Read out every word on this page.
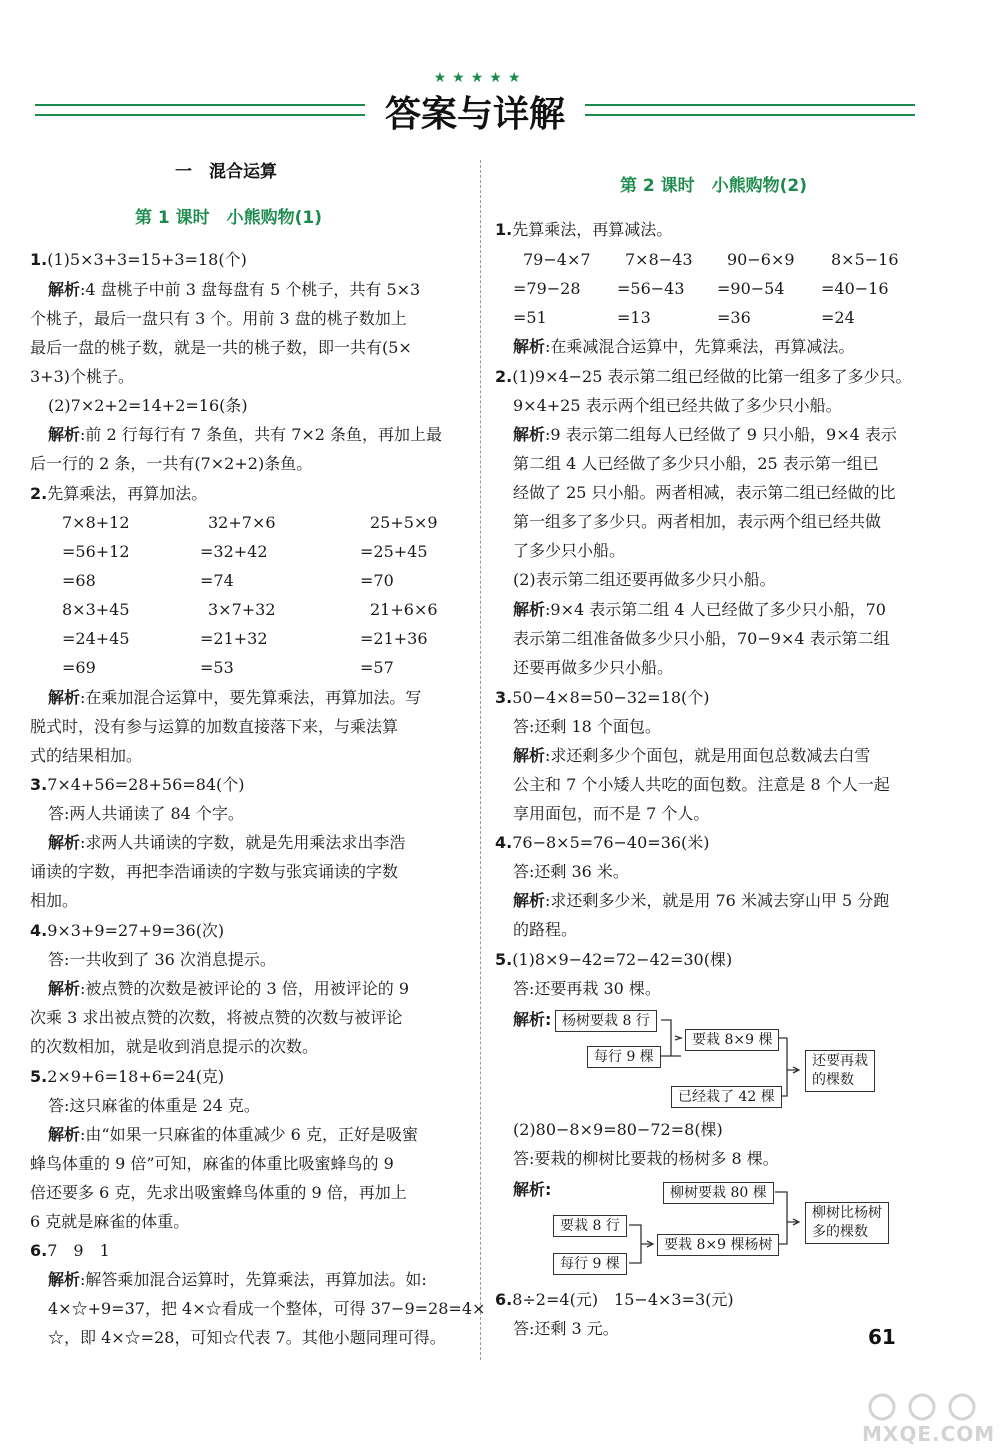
★★★★★
答案与详解
一　混合运算
第 1 课时　小熊购物(1)
1.(1)5×3+3=15+3=18(个)
解析:4 盘桃子中前 3 盘每盘有 5 个桃子，共有 5×3
个桃子，最后一盘只有 3 个。用前 3 盘的桃子数加上
最后一盘的桃子数，就是一共的桃子数，即一共有(5×
3+3)个桃子。
(2)7×2+2=14+2=16(条)
解析:前 2 行每行有 7 条鱼，共有 7×2 条鱼，再加上最
后一行的 2 条，一共有(7×2+2)条鱼。
2.先算乘法，再算加法。
7×8+12	32+7×6	25+5×9
=56+12	=32+42	=25+45
=68	=74	=70
8×3+45	3×7+32	21+6×6
=24+45	=21+32	=21+36
=69	=53	=57
解析:在乘加混合运算中，要先算乘法，再算加法。写
脱式时，没有参与运算的加数直接落下来，与乘法算
式的结果相加。
3.7×4+56=28+56=84(个)
答:两人共诵读了 84 个字。
解析:求两人共诵读的字数，就是先用乘法求出李浩
诵读的字数，再把李浩诵读的字数与张宾诵读的字数
相加。
4.9×3+9=27+9=36(次)
答:一共收到了 36 次消息提示。
解析:被点赞的次数是被评论的 3 倍，用被评论的 9
次乘 3 求出被点赞的次数，将被点赞的次数与被评论
的次数相加，就是收到消息提示的次数。
5.2×9+6=18+6=24(克)
答:这只麻雀的体重是 24 克。
解析:由“如果一只麻雀的体重减少 6 克，正好是吸蜜
蜂鸟体重的 9 倍”可知，麻雀的体重比吸蜜蜂鸟的 9
倍还要多 6 克，先求出吸蜜蜂鸟体重的 9 倍，再加上
6 克就是麻雀的体重。
6.7　9　1
解析:解答乘加混合运算时，先算乘法，再算加法。如:
4×☆+9=37，把 4×☆看成一个整体，可得 37−9=28=4×
☆，即 4×☆=28，可知☆代表 7。其他小题同理可得。
第 2 课时　小熊购物(2)
1.先算乘法，再算减法。
79−4×7 7×8−43 90−6×9 8×5−16
=79−28 =56−43 =90−54 =40−16
=51	=13	=36	=24
解析:在乘减混合运算中，先算乘法，再算减法。
2.(1)9×4−25 表示第二组已经做的比第一组多了多少只。
9×4+25 表示两个组已经共做了多少只小船。
解析:9 表示第二组每人已经做了 9 只小船，9×4 表示
第二组 4 人已经做了多少只小船，25 表示第一组已
经做了 25 只小船。两者相减，表示第二组已经做的比
第一组多了多少只。两者相加，表示两个组已经共做
了多少只小船。
(2)表示第二组还要再做多少只小船。
解析:9×4 表示第二组 4 人已经做了多少只小船，70
表示第二组准备做多少只小船，70−9×4 表示第二组
还要再做多少只小船。
3.50−4×8=50−32=18(个)
答:还剩 18 个面包。
解析:求还剩多少个面包，就是用面包总数减去白雪
公主和 7 个小矮人共吃的面包数。注意是 8 个人一起
享用面包，而不是 7 个人。
4.76−8×5=76−40=36(米)
答:还剩 36 米。
解析:求还剩多少米，就是用 76 米减去穿山甲 5 分跑
的路程。
5.(1)8×9−42=72−42=30(棵)
答:还要再栽 30 棵。
解析: 杨树要栽 8 行
每行 9 棵
要栽 8×9 棵
已经栽了 42 棵
还要再栽
的棵数
(2)80−8×9=80−72=8(棵)
答:要栽的柳树比要栽的杨树多 8 棵。
解析:	柳树要栽 80 棵
要栽 8 行
每行 9 棵
要栽 8×9 棵杨树
柳树比杨树
多的棵数
6.8÷2=4(元)　15−4×3=3(元)
答:还剩 3 元。	61
MXQE.COM
